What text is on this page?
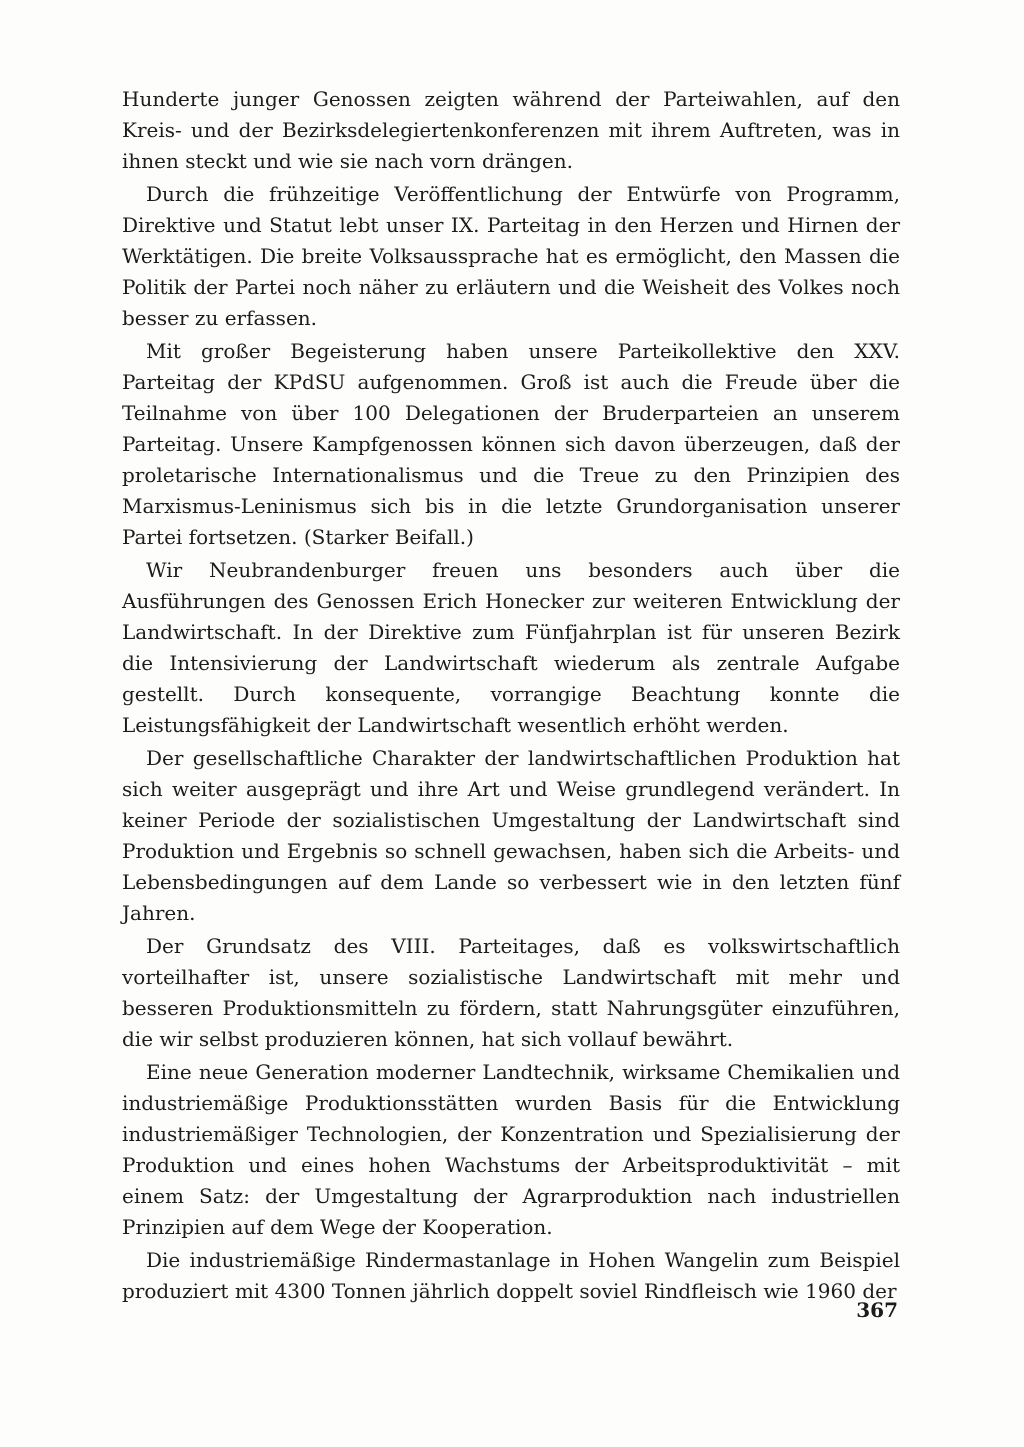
Hunderte junger Genossen zeigten während der Parteiwahlen, auf den Kreis- und der Bezirksdelegiertenkonferenzen mit ihrem Auftreten, was in ihnen steckt und wie sie nach vorn drängen.

Durch die frühzeitige Veröffentlichung der Entwürfe von Programm, Direktive und Statut lebt unser IX. Parteitag in den Herzen und Hirnen der Werktätigen. Die breite Volksaussprache hat es ermöglicht, den Massen die Politik der Partei noch näher zu erläutern und die Weisheit des Volkes noch besser zu erfassen.

Mit großer Begeisterung haben unsere Parteikollektive den XXV. Parteitag der KPdSU aufgenommen. Groß ist auch die Freude über die Teilnahme von über 100 Delegationen der Bruderparteien an unserem Parteitag. Unsere Kampfgenossen können sich davon überzeugen, daß der proletarische Internationalismus und die Treue zu den Prinzipien des Marxismus-Leninismus sich bis in die letzte Grundorganisation unserer Partei fortsetzen. (Starker Beifall.)

Wir Neubrandenburger freuen uns besonders auch über die Ausführungen des Genossen Erich Honecker zur weiteren Entwicklung der Landwirtschaft. In der Direktive zum Fünfjahrplan ist für unseren Bezirk die Intensivierung der Landwirtschaft wiederum als zentrale Aufgabe gestellt. Durch konsequente, vorrangige Beachtung konnte die Leistungsfähigkeit der Landwirtschaft wesentlich erhöht werden.

Der gesellschaftliche Charakter der landwirtschaftlichen Produktion hat sich weiter ausgeprägt und ihre Art und Weise grundlegend verändert. In keiner Periode der sozialistischen Umgestaltung der Landwirtschaft sind Produktion und Ergebnis so schnell gewachsen, haben sich die Arbeits- und Lebensbedingungen auf dem Lande so verbessert wie in den letzten fünf Jahren.

Der Grundsatz des VIII. Parteitages, daß es volkswirtschaftlich vorteilhafter ist, unsere sozialistische Landwirtschaft mit mehr und besseren Produktionsmitteln zu fördern, statt Nahrungsgüter einzuführen, die wir selbst produzieren können, hat sich vollauf bewährt.

Eine neue Generation moderner Landtechnik, wirksame Chemikalien und industriemäßige Produktionsstätten wurden Basis für die Entwicklung industriemäßiger Technologien, der Konzentration und Spezialisierung der Produktion und eines hohen Wachstums der Arbeitsproduktivität – mit einem Satz: der Umgestaltung der Agrarproduktion nach industriellen Prinzipien auf dem Wege der Kooperation.

Die industriemäßige Rindermastanlage in Hohen Wangelin zum Beispiel produziert mit 4300 Tonnen jährlich doppelt soviel Rindfleisch wie 1960 der

367
